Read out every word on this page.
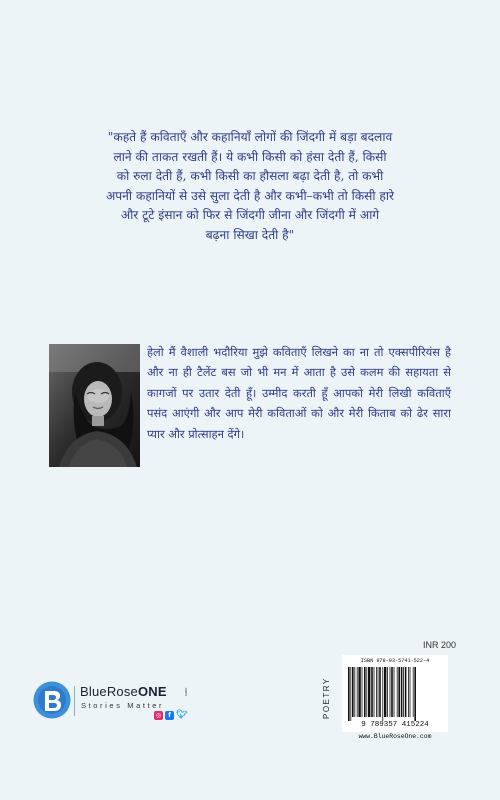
"कहते हैं कविताएँ और कहानियाँ लोगों की जिंदगी में बड़ा बदलाव
लाने की ताकत रखती हैं। ये कभी किसी को हंसा देती हैं, किसी
को रुला देती हैं, कभी किसी का हौसला बढ़ा देती है, तो कभी
अपनी कहानियों से उसे सुला देती है और कभी–कभी तो किसी हारे
और टूटे इंसान को फिर से जिंदगी जीना और जिंदगी में आगे
बढ़ना सिखा देती है"
हेलो मैं वैशाली भदौरिया मुझे कविताएँ लिखने का ना तो एक्सपीरियंस है और ना ही टैलेंट बस जो भी मन में आता है उसे कलम की सहायता से कागजों पर उतार देती हूँ। उम्मीद करती हूँ आपको मेरी लिखी कविताएँ पसंद आएंगी और आप मेरी कविताओं को और मेरी किताब को ढेर सारा प्यार और प्रोत्साहन देंगे।
INR 200
POETRY
ISBN 978-93-5741-522-4
9 789357 415224
www.BlueRoseOne.com
BlueRoseONE	.com
Stories Matter
◎	f 🐦︎
